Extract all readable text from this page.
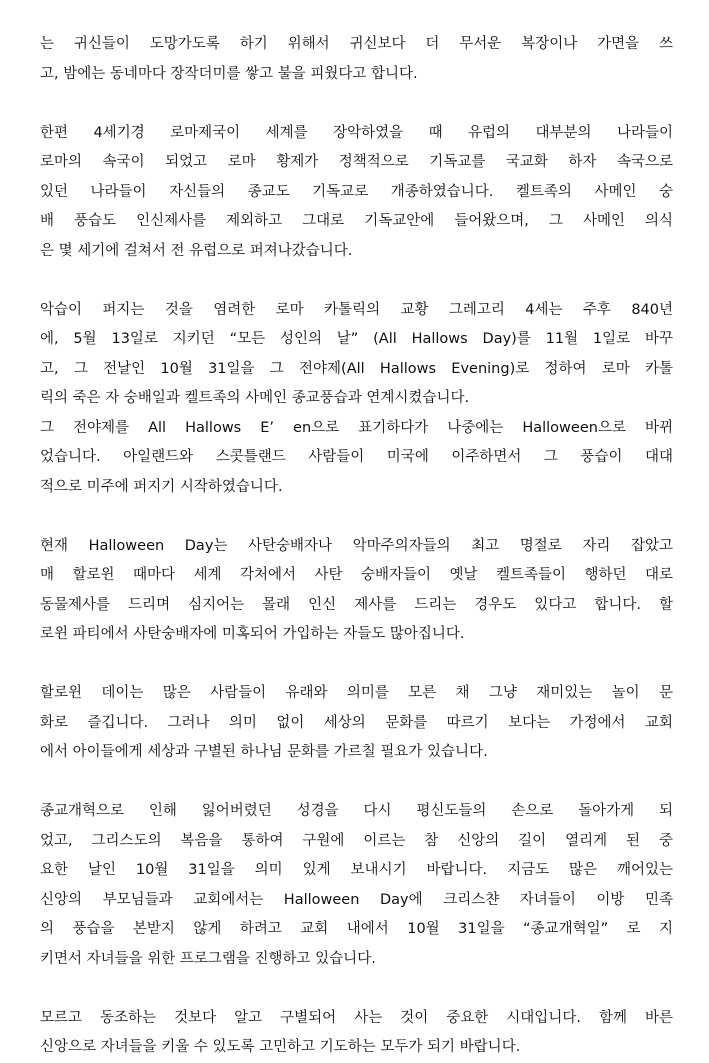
는 귀신들이 도망가도록 하기 위해서 귀신보다 더 무서운 복장이나 가면을 쓰
고, 밤에는 동네마다 장작더미를 쌓고 불을 피웠다고 합니다.
한편 4세기경 로마제국이 세계를 장악하였을 때 유럽의 대부분의 나라들이
로마의 속국이 되었고 로마 황제가 정책적으로 기독교를 국교화 하자 속국으로
있던 나라들이 자신들의 종교도 기독교로 개종하였습니다. 켈트족의 사메인 숭
배 풍습도 인신제사를 제외하고 그대로 기독교안에 들어왔으며, 그 사메인 의식
은 몇 세기에 걸쳐서 전 유럽으로 퍼져나갔습니다.
악습이 퍼지는 것을 염려한 로마 카톨릭의 교황 그레고리 4세는 주후 840년
에, 5월 13일로 지키던 “모든 성인의 날” (All Hallows Day)를 11월 1일로 바꾸
고, 그 전날인 10월 31일을 그 전야제(All Hallows Evening)로 정하여 로마 카톨
릭의 죽은 자 숭배일과 켈트족의 사메인 종교풍습과 연계시켰습니다.
그 전야제를 All Hallows E’ en으로 표기하다가 나중에는 Halloween으로 바뀌
었습니다. 아일랜드와 스콧틀랜드 사람들이 미국에 이주하면서 그 풍습이 대대
적으로 미주에 퍼지기 시작하였습니다.
현재 Halloween Day는 사탄숭배자나 악마주의자들의 최고 명절로 자리 잡았고
매 할로윈 때마다 세계 각처에서 사탄 숭배자들이 옛날 켈트족들이 행하던 대로
동물제사를 드리며 심지어는 몰래 인신 제사를 드리는 경우도 있다고 합니다. 할
로윈 파티에서 사탄숭배자에 미혹되어 가입하는 자들도 많아집니다.
할로윈 데이는 많은 사람들이 유래와 의미를 모른 채 그냥 재미있는 놀이 문
화로 즐깁니다. 그러나 의미 없이 세상의 문화를 따르기 보다는 가정에서 교회
에서 아이들에게 세상과 구별된 하나님 문화를 가르칠 필요가 있습니다.
종교개혁으로 인해 잃어버렸던 성경을 다시 평신도들의 손으로 돌아가게 되
었고, 그리스도의 복음을 통하여 구원에 이르는 참 신앙의 길이 열리게 된 중
요한 날인 10월 31일을 의미 있게 보내시기 바랍니다. 지금도 많은 깨어있는
신앙의 부모님들과 교회에서는 Halloween Day에 크리스챤 자녀들이 이방 민족
의 풍습을 본받지 않게 하려고 교회 내에서 10월 31일을 “종교개혁일” 로 지
키면서 자녀들을 위한 프로그램을 진행하고 있습니다.
모르고 동조하는 것보다 알고 구별되어 사는 것이 중요한 시대입니다. 함께 바른
신앙으로 자녀들을 키울 수 있도록 고민하고 기도하는 모두가 되기 바랍니다.
